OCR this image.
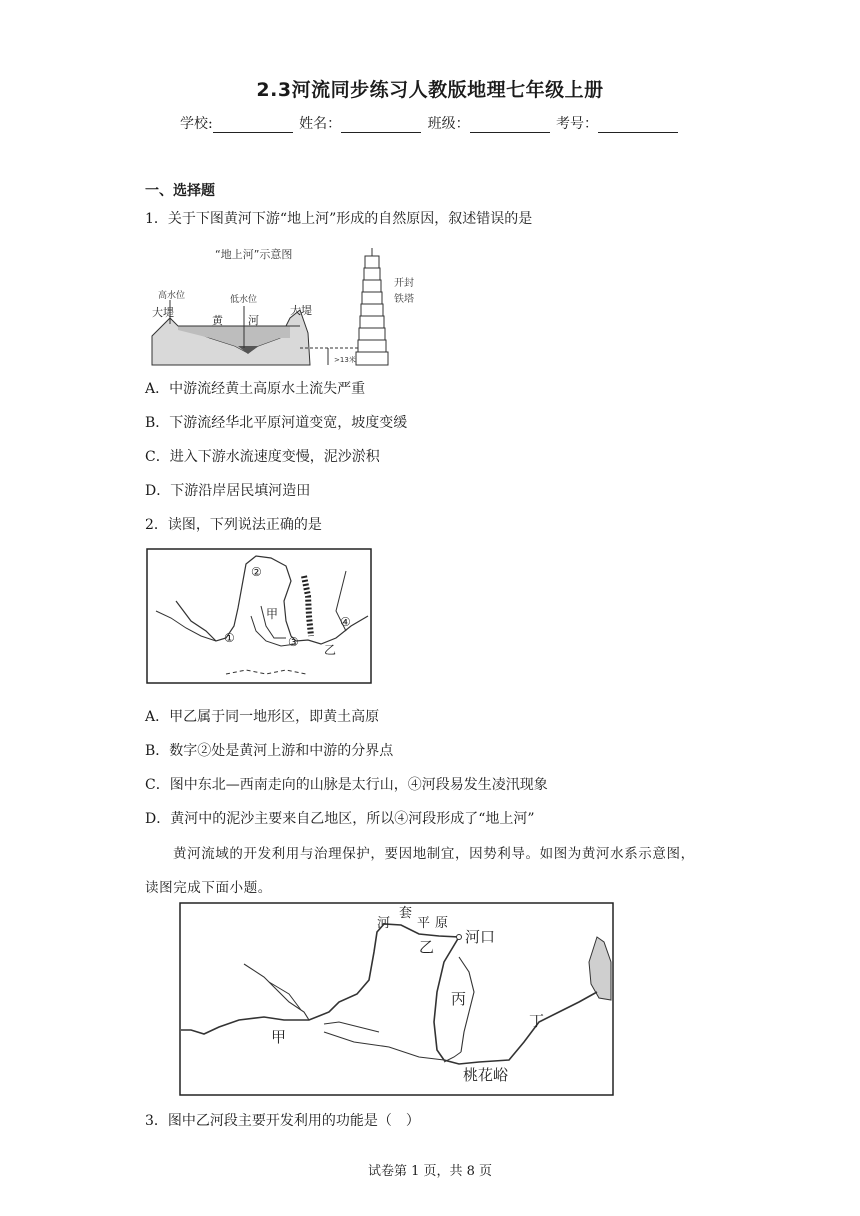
2.3河流同步练习人教版地理七年级上册
学校:	姓名：	班级：	考号：
一、选择题
1．关于下图黄河下游“地上河”形成的自然原因，叙述错误的是
“地上河”示意图
>13米
高水位	低水位
大堤	大堤
黄 河
开封
铁塔
A．中游流经黄土高原水土流失严重
B．下游流经华北平原河道变宽，坡度变缓
C．进入下游水流速度变慢，泥沙淤积
D．下游沿岸居民填河造田
2．读图，下列说法正确的是
①
②
③
④
甲
乙
A．甲乙属于同一地形区，即黄土高原
B．数字②处是黄河上游和中游的分界点
C．图中东北—西南走向的山脉是太行山，④河段易发生凌汛现象
D．黄河中的泥沙主要来自乙地区，所以④河段形成了“地上河”
黄河流域的开发利用与治理保护，要因地制宜，因势利导。如图为黄河水系示意图，
读图完成下面小题。
河
套
平 原
河口
乙
丙
丁
甲
桃花峪
3．图中乙河段主要开发利用的功能是（　）
试卷第 1 页，共 8 页
